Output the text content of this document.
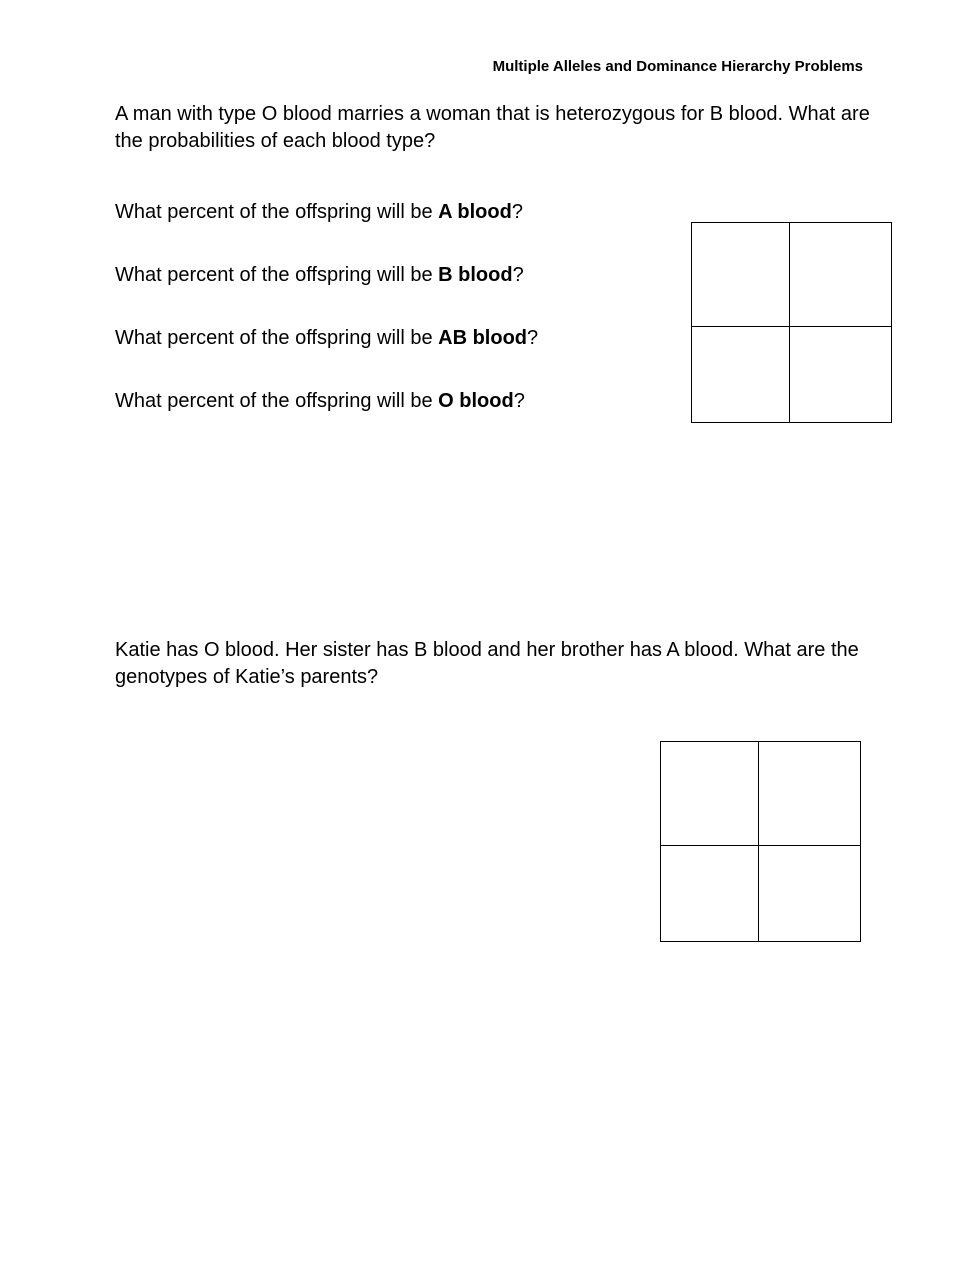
Multiple Alleles and Dominance Hierarchy Problems
A man with type O blood marries a woman that is heterozygous for B blood. What are the probabilities of each blood type?
What percent of the offspring will be A blood?
What percent of the offspring will be B blood?
What percent of the offspring will be AB blood?
What percent of the offspring will be O blood?
Katie has O blood. Her sister has B blood and her brother has A blood. What are the genotypes of Katie’s parents?
